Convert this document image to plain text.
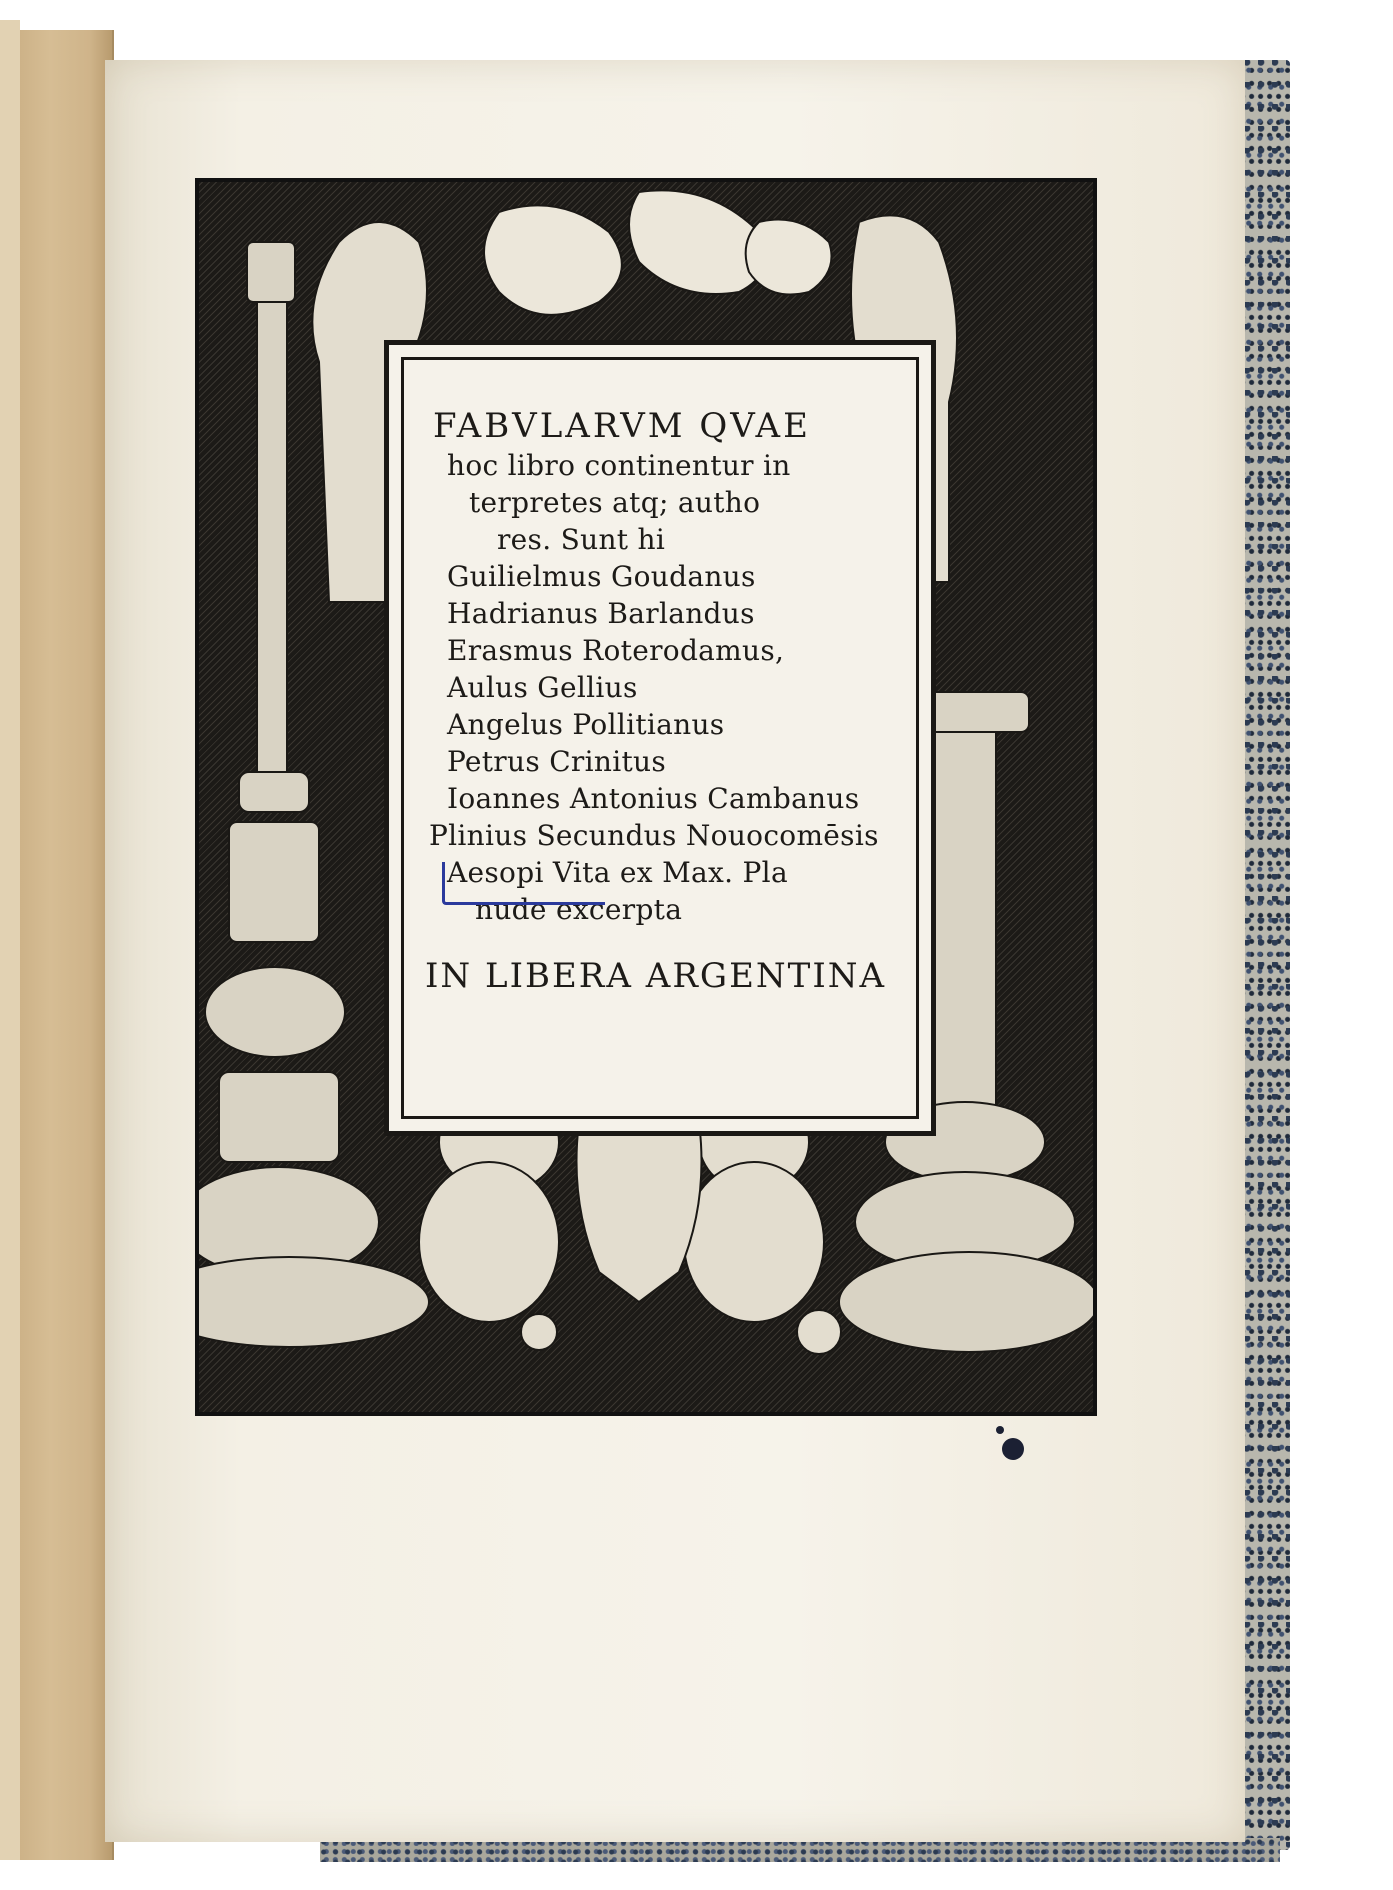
FABVLARVM QVAE
hoc libro continentur in
terpretes atq; autho
res. Sunt hi
Guilielmus Goudanus
Hadrianus Barlandus
Erasmus Roterodamus,
Aulus Gellius
Angelus Pollitianus
Petrus Crinitus
Ioannes Antonius Cambanus
Plinius Secundus Nouocomēsis
Aesopi Vita ex Max. Pla
nude excerpta
IN LIBERA ARGENTINA
